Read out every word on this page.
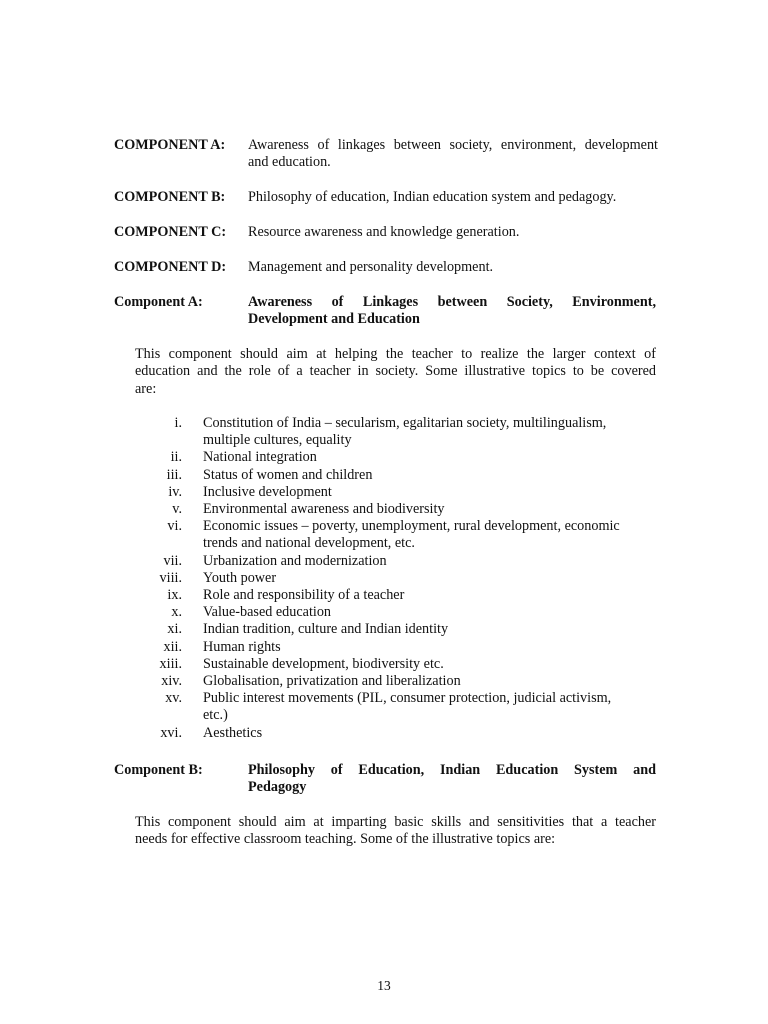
COMPONENT A: Awareness of linkages between society, environment, development
and education.
COMPONENT B: Philosophy of education, Indian education system and pedagogy.
COMPONENT C: Resource awareness and knowledge generation.
COMPONENT D: Management and personality development.
Component A:	Awareness of Linkages between Society, Environment,
Development and Education
This component should aim at helping the teacher to realize the larger context of
education and the role of a teacher in society. Some illustrative topics to be covered
are:
i. Constitution of India – secularism, egalitarian society, multilingualism,
multiple cultures, equality
ii. National integration
iii. Status of women and children
iv. Inclusive development
v. Environmental awareness and biodiversity
vi. Economic issues – poverty, unemployment, rural development, economic
trends and national development, etc.
vii. Urbanization and modernization
viii. Youth power
ix. Role and responsibility of a teacher
x. Value-based education
xi. Indian tradition, culture and Indian identity
xii. Human rights
xiii. Sustainable development, biodiversity etc.
xiv. Globalisation, privatization and liberalization
xv. Public interest movements (PIL, consumer protection, judicial activism,
etc.)
xvi. Aesthetics
Component B:	Philosophy of Education, Indian Education System and
Pedagogy
This component should aim at imparting basic skills and sensitivities that a teacher
needs for effective classroom teaching. Some of the illustrative topics are:
13
